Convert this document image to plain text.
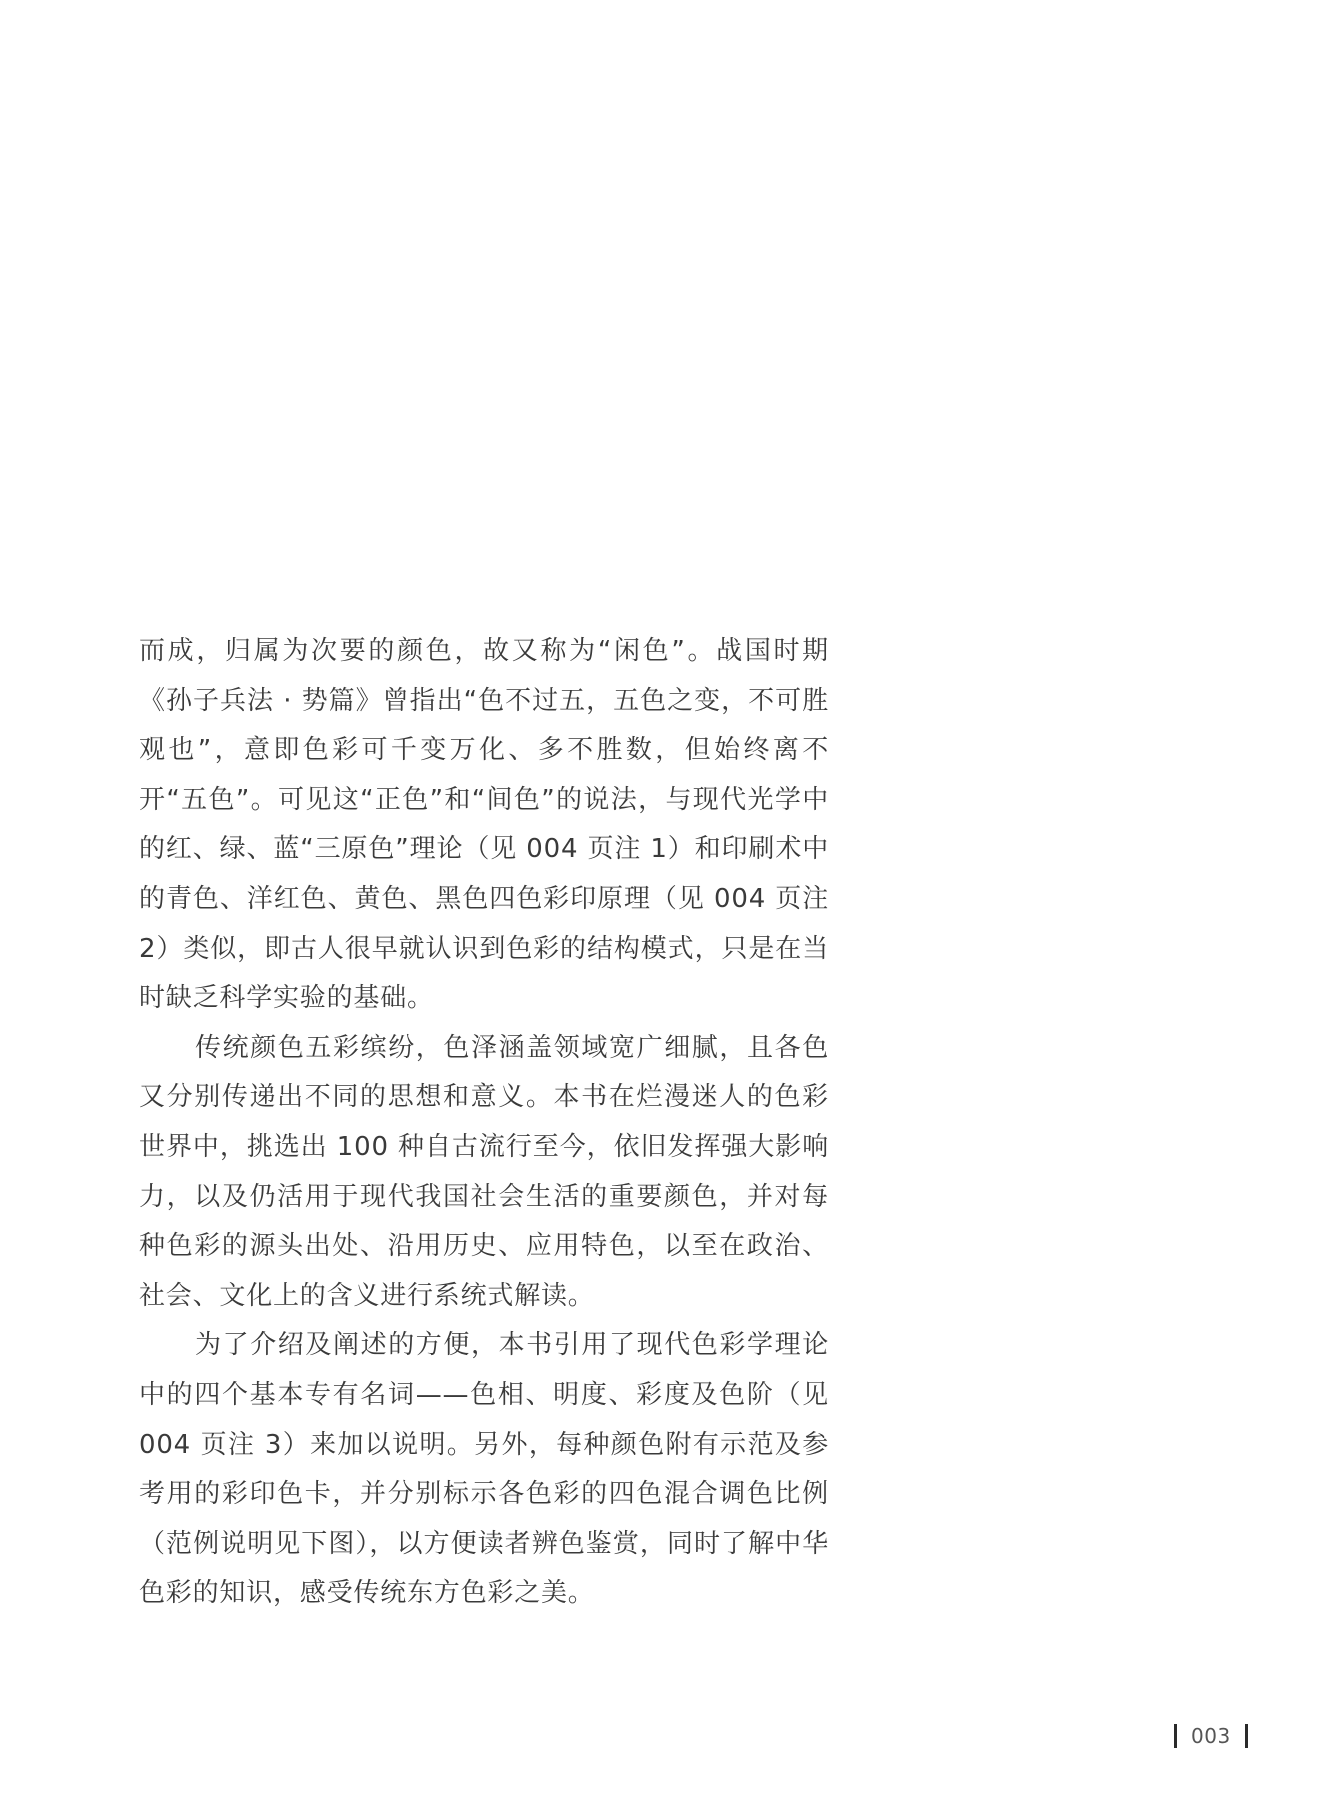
而成，归属为次要的颜色，故又称为“闲色”。战国时期《孙子兵法 · 势篇》曾指出“色不过五，五色之变，不可胜观也”，意即色彩可千变万化、多不胜数，但始终离不开“五色”。可见这“正色”和“间色”的说法，与现代光学中的红、绿、蓝“三原色”理论（见 004 页注 1）和印刷术中的青色、洋红色、黄色、黑色四色彩印原理（见 004 页注 2）类似，即古人很早就认识到色彩的结构模式，只是在当时缺乏科学实验的基础。

传统颜色五彩缤纷，色泽涵盖领域宽广细腻，且各色又分别传递出不同的思想和意义。本书在烂漫迷人的色彩世界中，挑选出 100 种自古流行至今，依旧发挥强大影响力，以及仍活用于现代我国社会生活的重要颜色，并对每种色彩的源头出处、沿用历史、应用特色，以至在政治、社会、文化上的含义进行系统式解读。

为了介绍及阐述的方便，本书引用了现代色彩学理论中的四个基本专有名词——色相、明度、彩度及色阶（见 004 页注 3）来加以说明。另外，每种颜色附有示范及参考用的彩印色卡，并分别标示各色彩的四色混合调色比例（范例说明见下图），以方便读者辨色鉴赏，同时了解中华色彩的知识，感受传统东方色彩之美。

003
